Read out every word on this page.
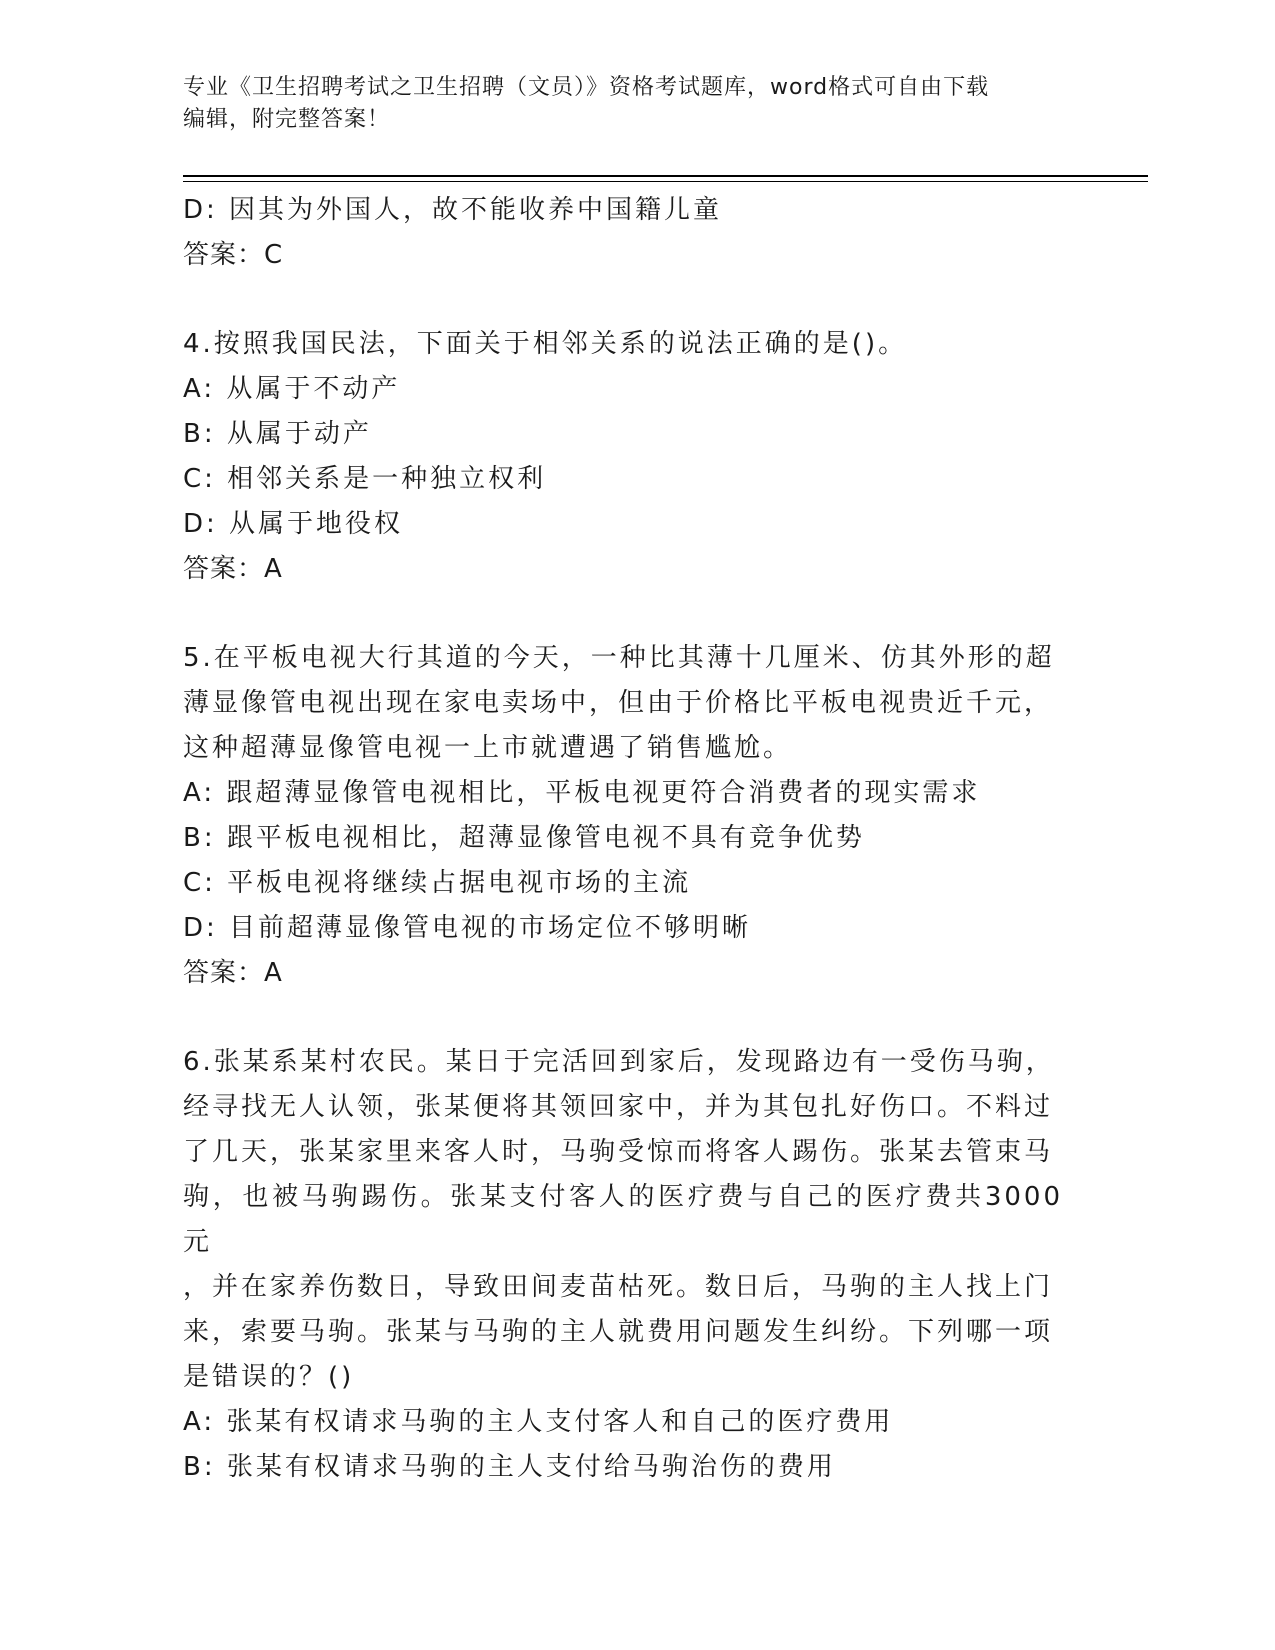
专业《卫生招聘考试之卫生招聘（文员）》资格考试题库，word格式可自由下载
编辑，附完整答案！
D: 因其为外国人，故不能收养中国籍儿童
答案：C
4.按照我国民法，下面关于相邻关系的说法正确的是()。
A: 从属于不动产
B: 从属于动产
C: 相邻关系是一种独立权利
D: 从属于地役权
答案：A
5.在平板电视大行其道的今天，一种比其薄十几厘米、仿其外形的超
薄显像管电视出现在家电卖场中，但由于价格比平板电视贵近千元，
这种超薄显像管电视一上市就遭遇了销售尴尬。
A: 跟超薄显像管电视相比，平板电视更符合消费者的现实需求
B: 跟平板电视相比，超薄显像管电视不具有竞争优势
C: 平板电视将继续占据电视市场的主流
D: 目前超薄显像管电视的市场定位不够明晰
答案：A
6.张某系某村农民。某日于完活回到家后，发现路边有一受伤马驹，
经寻找无人认领，张某便将其领回家中，并为其包扎好伤口。不料过
了几天，张某家里来客人时，马驹受惊而将客人踢伤。张某去管束马
驹，也被马驹踢伤。张某支付客人的医疗费与自己的医疗费共3000元
，并在家养伤数日，导致田间麦苗枯死。数日后，马驹的主人找上门
来，索要马驹。张某与马驹的主人就费用问题发生纠纷。下列哪一项
是错误的？()
A: 张某有权请求马驹的主人支付客人和自己的医疗费用
B: 张某有权请求马驹的主人支付给马驹治伤的费用
